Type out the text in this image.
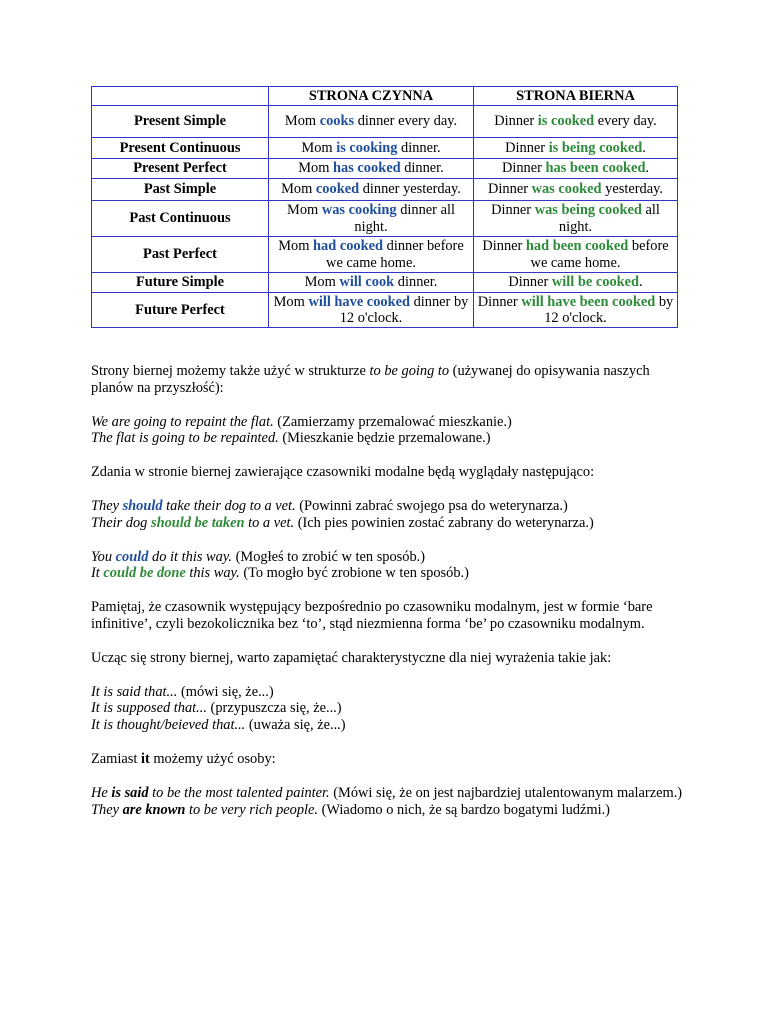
	STRONA CZYNNA	STRONA BIERNA
Present Simple	Mom cooks dinner every day.	Dinner is cooked every day.
Present Continuous	Mom is cooking dinner.	Dinner is being cooked.
Present Perfect	Mom has cooked dinner.	Dinner has been cooked.
Past Simple	Mom cooked dinner yesterday.	Dinner was cooked yesterday.
Past Continuous	Mom was cooking dinner all night.	Dinner was being cooked all night.
Past Perfect	Mom had cooked dinner before we came home.	Dinner had been cooked before we came home.
Future Simple	Mom will cook dinner.	Dinner will be cooked.
Future Perfect	Mom will have cooked dinner by 12 o'clock.	Dinner will have been cooked by 12 o'clock.

Strony biernej możemy także użyć w strukturze to be going to (używanej do opisywania naszych planów na przyszłość):

We are going to repaint the flat. (Zamierzamy przemalować mieszkanie.)

The flat is going to be repainted. (Mieszkanie będzie przemalowane.)

Zdania w stronie biernej zawierające czasowniki modalne będą wyglądały następująco:

They should take their dog to a vet. (Powinni zabrać swojego psa do weterynarza.)

Their dog should be taken to a vet. (Ich pies powinien zostać zabrany do weterynarza.)

You could do it this way. (Mogłeś to zrobić w ten sposób.)

It could be done this way. (To mogło być zrobione w ten sposób.)

Pamiętaj, że czasownik występujący bezpośrednio po czasowniku modalnym, jest w formie ‘bare infinitive’, czyli bezokolicznika bez ‘to’, stąd niezmienna forma ‘be’ po czasowniku modalnym.

Ucząc się strony biernej, warto zapamiętać charakterystyczne dla niej wyrażenia takie jak:

It is said that... (mówi się, że...)

It is supposed that... (przypuszcza się, że...)

It is thought/beieved that... (uważa się, że...)

Zamiast it możemy użyć osoby:

He is said to be the most talented painter. (Mówi się, że on jest najbardziej utalentowanym malarzem.)

They are known to be very rich people. (Wiadomo o nich, że są bardzo bogatymi ludźmi.)
